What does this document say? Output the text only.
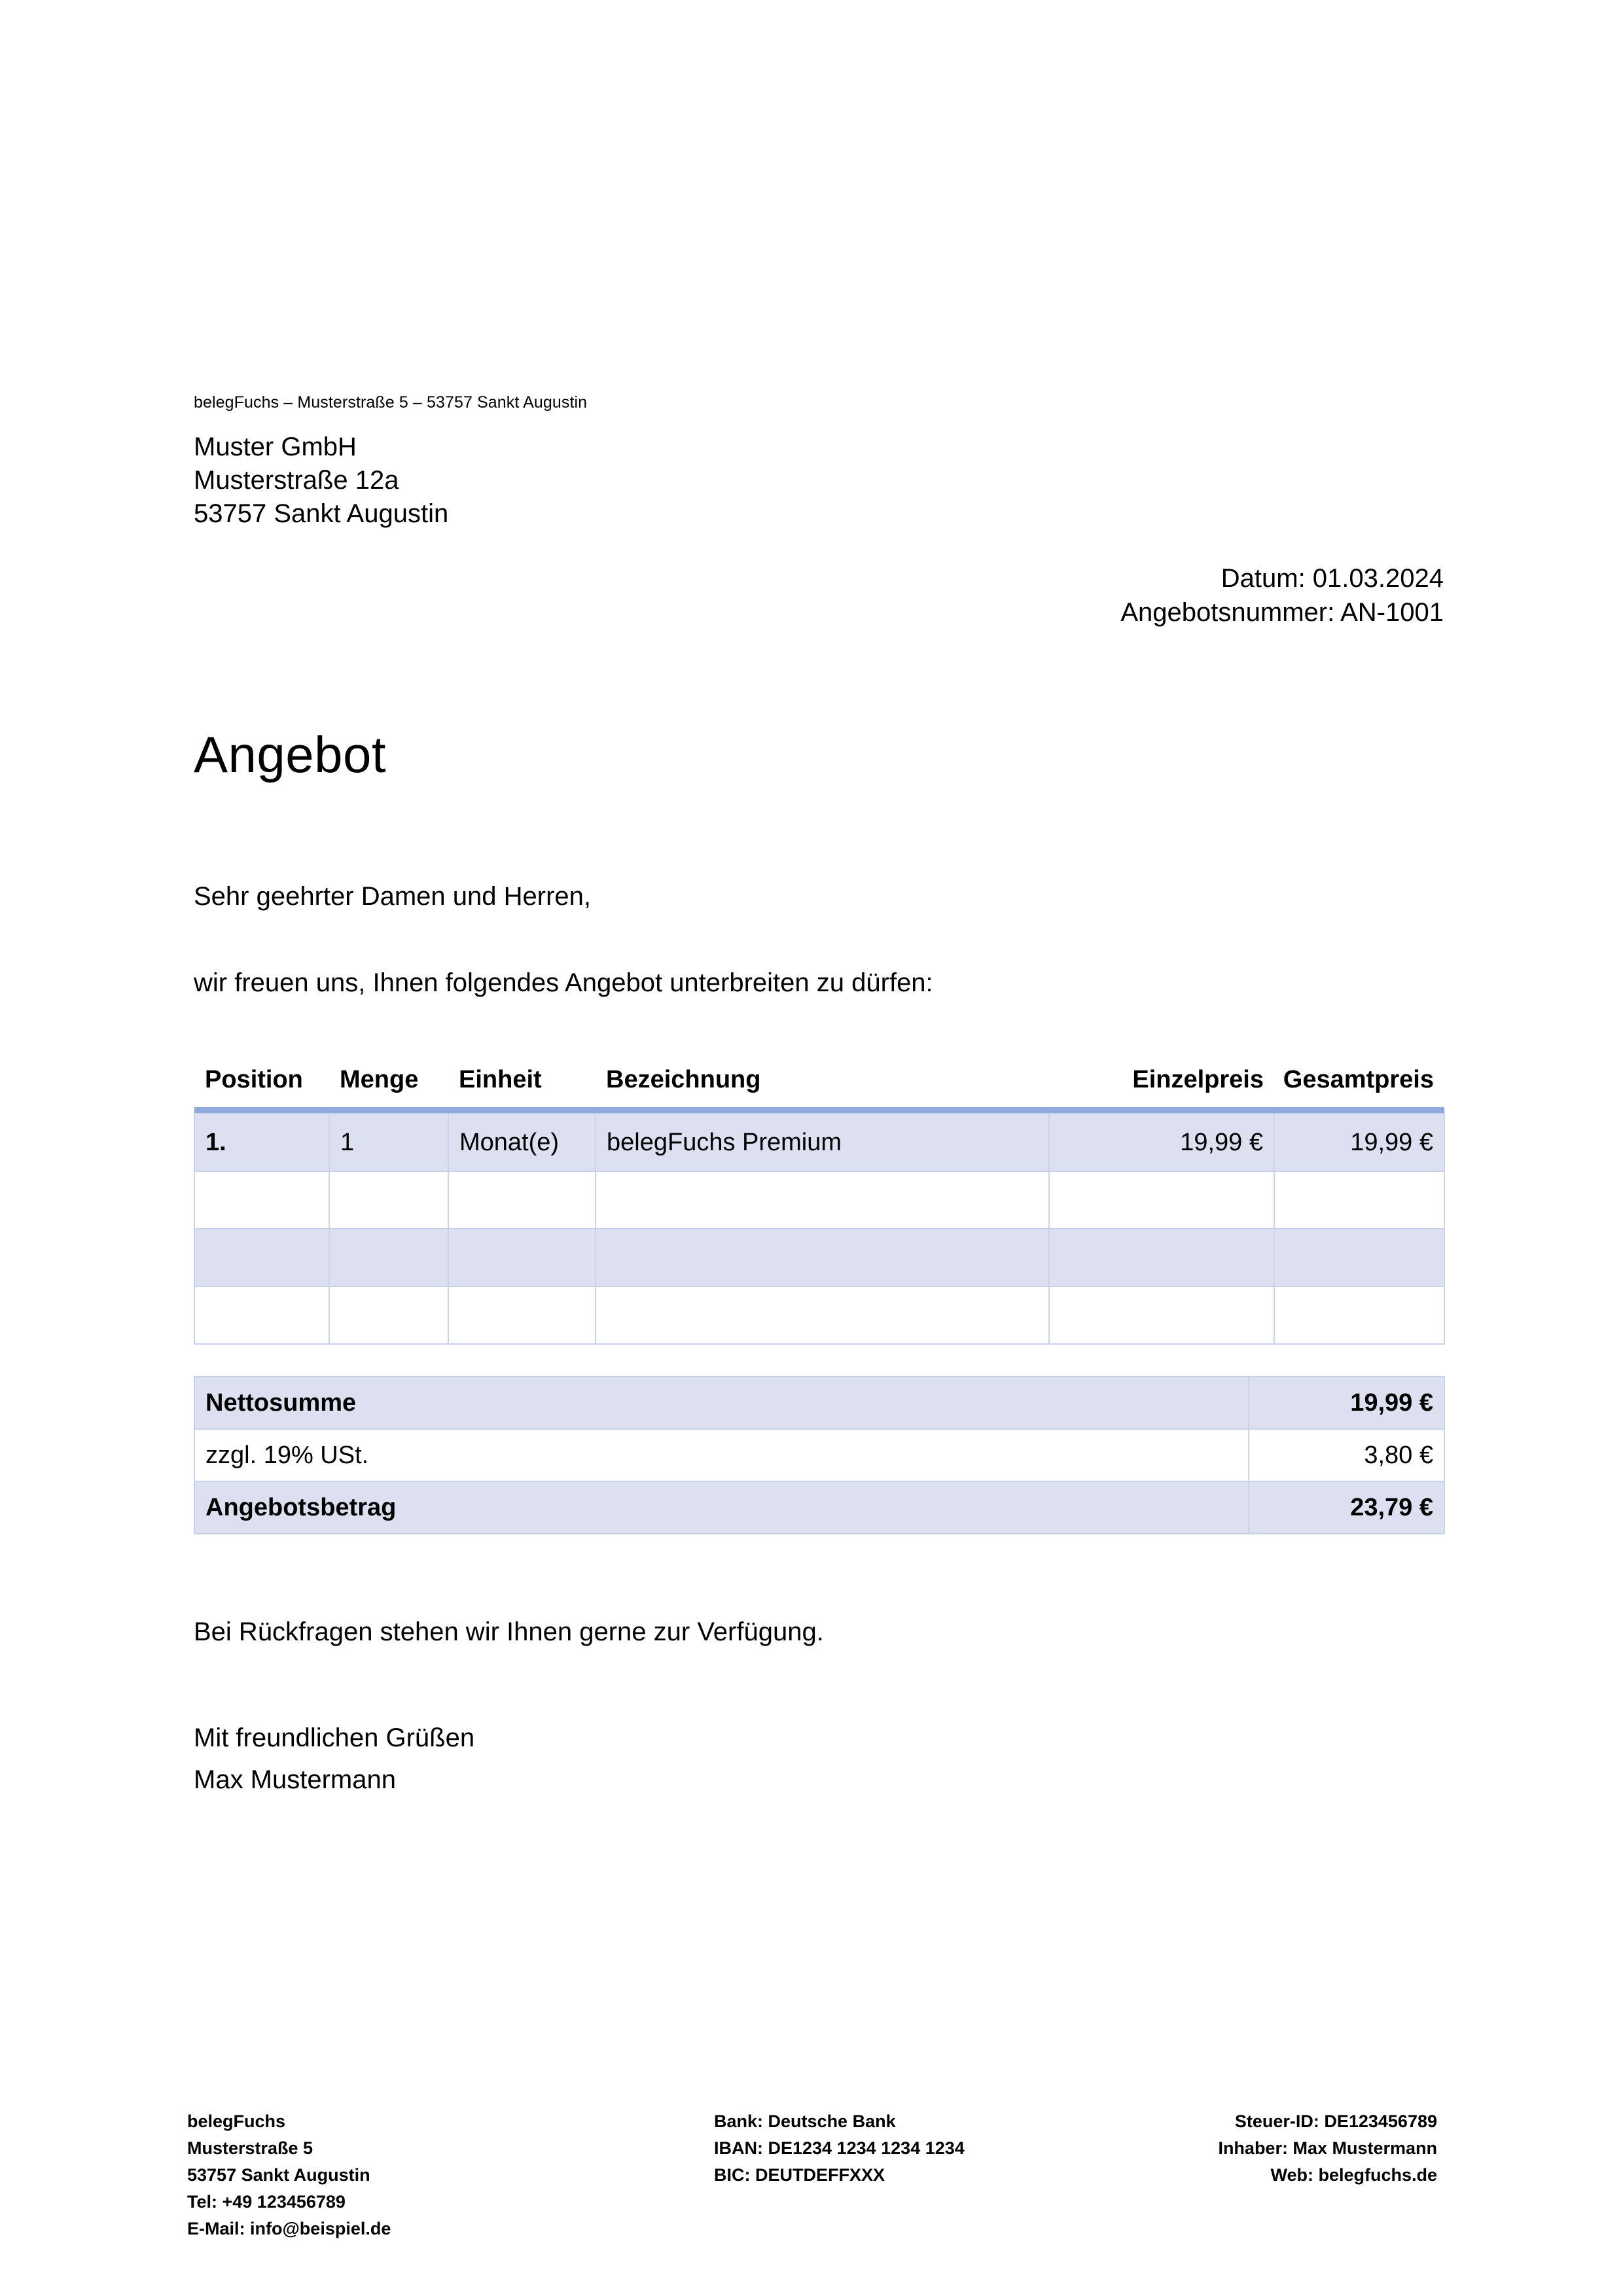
belegFuchs – Musterstraße 5 – 53757 Sankt Augustin
Muster GmbH
Musterstraße 12a
53757 Sankt Augustin
Datum: 01.03.2024
Angebotsnummer: AN-1001
Angebot
Sehr geehrter Damen und Herren,
wir freuen uns, Ihnen folgendes Angebot unterbreiten zu dürfen:
Position	Menge	Einheit	Bezeichnung	Einzelpreis	Gesamtpreis

1.	1	Monat(e)	belegFuchs Premium	19,99 €	19,99 €

Nettosumme	19,99 €
zzgl. 19% USt.	3,80 €
Angebotsbetrag	23,79 €
Bei Rückfragen stehen wir Ihnen gerne zur Verfügung.
Mit freundlichen Grüßen
Max Mustermann
belegFuchs
Musterstraße 5
53757 Sankt Augustin
Tel: +49 123456789
E-Mail: info@beispiel.de
Bank: Deutsche Bank
IBAN: DE1234 1234 1234 1234
BIC: DEUTDEFFXXX
Steuer-ID: DE123456789
Inhaber: Max Mustermann
Web: belegfuchs.de
